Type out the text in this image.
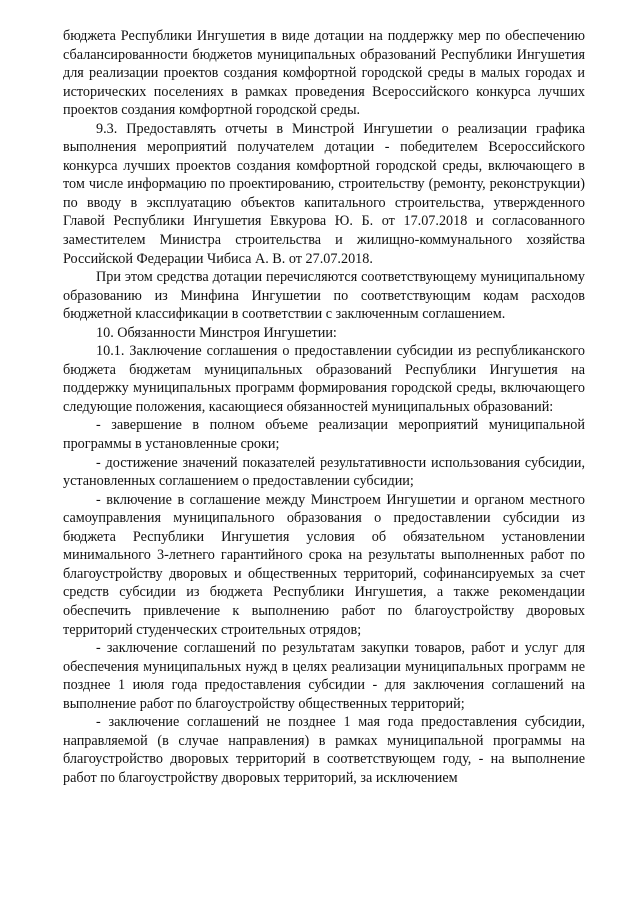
бюджета Республики Ингушетия в виде дотации на поддержку мер по обеспечению сбалансированности бюджетов муниципальных образований Республики Ингушетия для реализации проектов создания комфортной городской среды в малых городах и исторических поселениях в рамках проведения Всероссийского конкурса лучших проектов создания комфортной городской среды.

9.3. Предоставлять отчеты в Минстрой Ингушетии о реализации графика выполнения мероприятий получателем дотации - победителем Всероссийского конкурса лучших проектов создания комфортной городской среды, включающего в том числе информацию по проектированию, строительству (ремонту, реконструкции) по вводу в эксплуатацию объектов капитального строительства, утвержденного Главой Республики Ингушетия Евкурова Ю. Б. от 17.07.2018 и согласованного заместителем Министра строительства и жилищно-коммунального хозяйства Российской Федерации Чибиса А. В. от 27.07.2018.

При этом средства дотации перечисляются соответствующему муниципальному образованию из Минфина Ингушетии по соответствующим кодам расходов бюджетной классификации в соответствии с заключенным соглашением.

10. Обязанности Минстроя Ингушетии:

10.1. Заключение соглашения о предоставлении субсидии из республиканского бюджета бюджетам муниципальных образований Республики Ингушетия на поддержку муниципальных программ формирования городской среды, включающего следующие положения, касающиеся обязанностей муниципальных образований:

- завершение в полном объеме реализации мероприятий муниципальной программы в установленные сроки;

- достижение значений показателей результативности использования субсидии, установленных соглашением о предоставлении субсидии;

- включение в соглашение между Минстроем Ингушетии и органом местного самоуправления муниципального образования о предоставлении субсидии из бюджета Республики Ингушетия условия об обязательном установлении минимального 3-летнего гарантийного срока на результаты выполненных работ по благоустройству дворовых и общественных территорий, софинансируемых за счет средств субсидии из бюджета Республики Ингушетия, а также рекомендации обеспечить привлечение к выполнению работ по благоустройству дворовых территорий студенческих строительных отрядов;

- заключение соглашений по результатам закупки товаров, работ и услуг для обеспечения муниципальных нужд в целях реализации муниципальных программ не позднее 1 июля года предоставления субсидии - для заключения соглашений на выполнение работ по благоустройству общественных территорий;

- заключение соглашений не позднее 1 мая года предоставления субсидии, направляемой (в случае направления) в рамках муниципальной программы на благоустройство дворовых территорий в соответствующем году, - на выполнение работ по благоустройству дворовых территорий, за исключением
